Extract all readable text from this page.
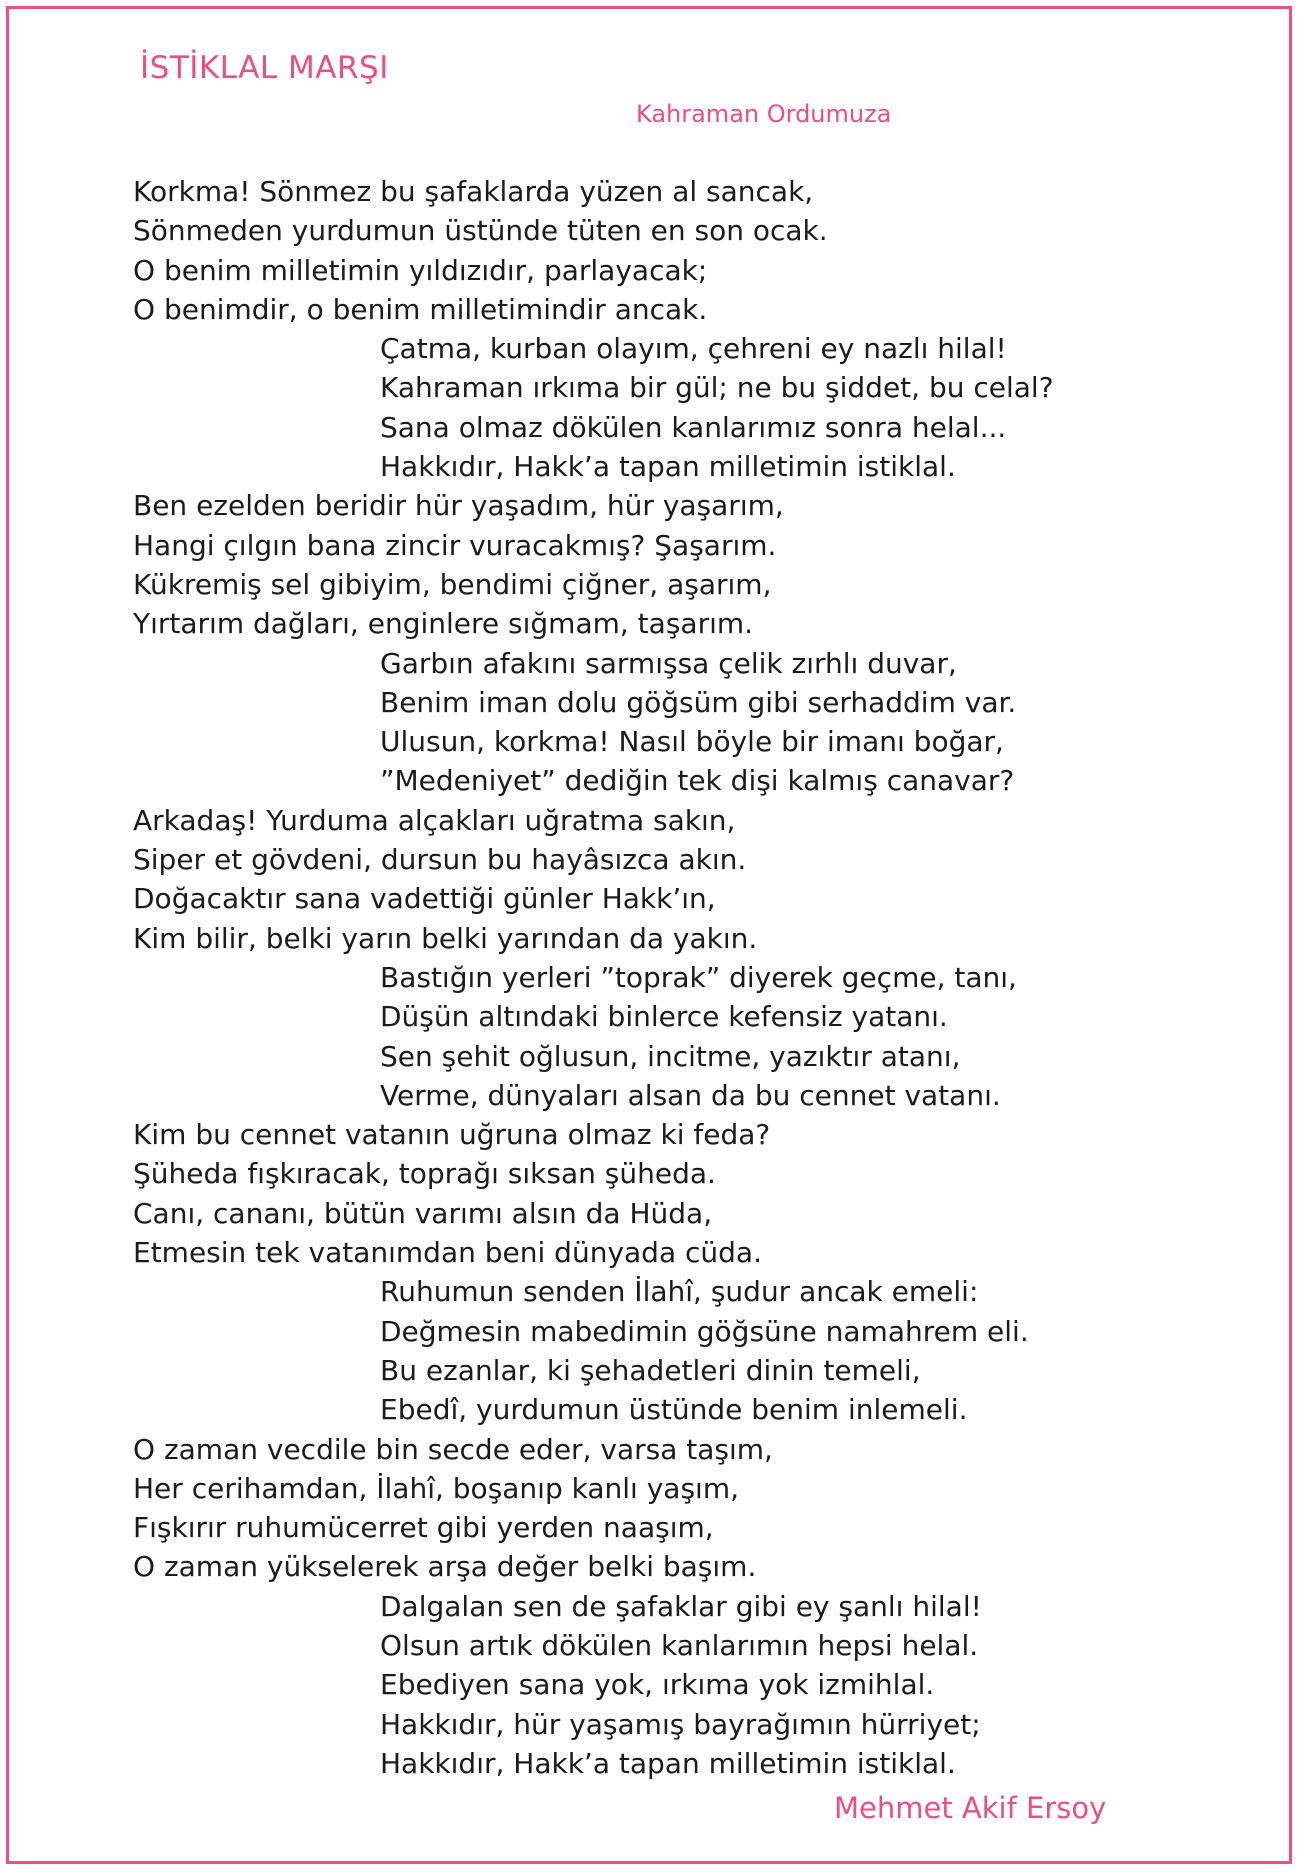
İSTİKLAL MARŞI
Kahraman Ordumuza
Korkma! Sönmez bu şafaklarda yüzen al sancak,
Sönmeden yurdumun üstünde tüten en son ocak.
O benim milletimin yıldızıdır, parlayacak;
O benimdir, o benim milletimindir ancak.
Çatma, kurban olayım, çehreni ey nazlı hilal!
Kahraman ırkıma bir gül; ne bu şiddet, bu celal?
Sana olmaz dökülen kanlarımız sonra helal...
Hakkıdır, Hakk’a tapan milletimin istiklal.
Ben ezelden beridir hür yaşadım, hür yaşarım,
Hangi çılgın bana zincir vuracakmış? Şaşarım.
Kükremiş sel gibiyim, bendimi çiğner, aşarım,
Yırtarım dağları, enginlere sığmam, taşarım.
Garbın afakını sarmışsa çelik zırhlı duvar,
Benim iman dolu göğsüm gibi serhaddim var.
Ulusun, korkma! Nasıl böyle bir imanı boğar,
”Medeniyet” dediğin tek dişi kalmış canavar?
Arkadaş! Yurduma alçakları uğratma sakın,
Siper et gövdeni, dursun bu hayâsızca akın.
Doğacaktır sana vadettiği günler Hakk’ın,
Kim bilir, belki yarın belki yarından da yakın.
Bastığın yerleri ”toprak” diyerek geçme, tanı,
Düşün altındaki binlerce kefensiz yatanı.
Sen şehit oğlusun, incitme, yazıktır atanı,
Verme, dünyaları alsan da bu cennet vatanı.
Kim bu cennet vatanın uğruna olmaz ki feda?
Şüheda fışkıracak, toprağı sıksan şüheda.
Canı, cananı, bütün varımı alsın da Hüda,
Etmesin tek vatanımdan beni dünyada cüda.
Ruhumun senden İlahî, şudur ancak emeli:
Değmesin mabedimin göğsüne namahrem eli.
Bu ezanlar, ki şehadetleri dinin temeli,
Ebedî, yurdumun üstünde benim inlemeli.
O zaman vecdile bin secde eder, varsa taşım,
Her cerihamdan, İlahî, boşanıp kanlı yaşım,
Fışkırır ruhumücerret gibi yerden naaşım,
O zaman yükselerek arşa değer belki başım.
Dalgalan sen de şafaklar gibi ey şanlı hilal!
Olsun artık dökülen kanlarımın hepsi helal.
Ebediyen sana yok, ırkıma yok izmihlal.
Hakkıdır, hür yaşamış bayrağımın hürriyet;
Hakkıdır, Hakk’a tapan milletimin istiklal.
Mehmet Akif Ersoy
